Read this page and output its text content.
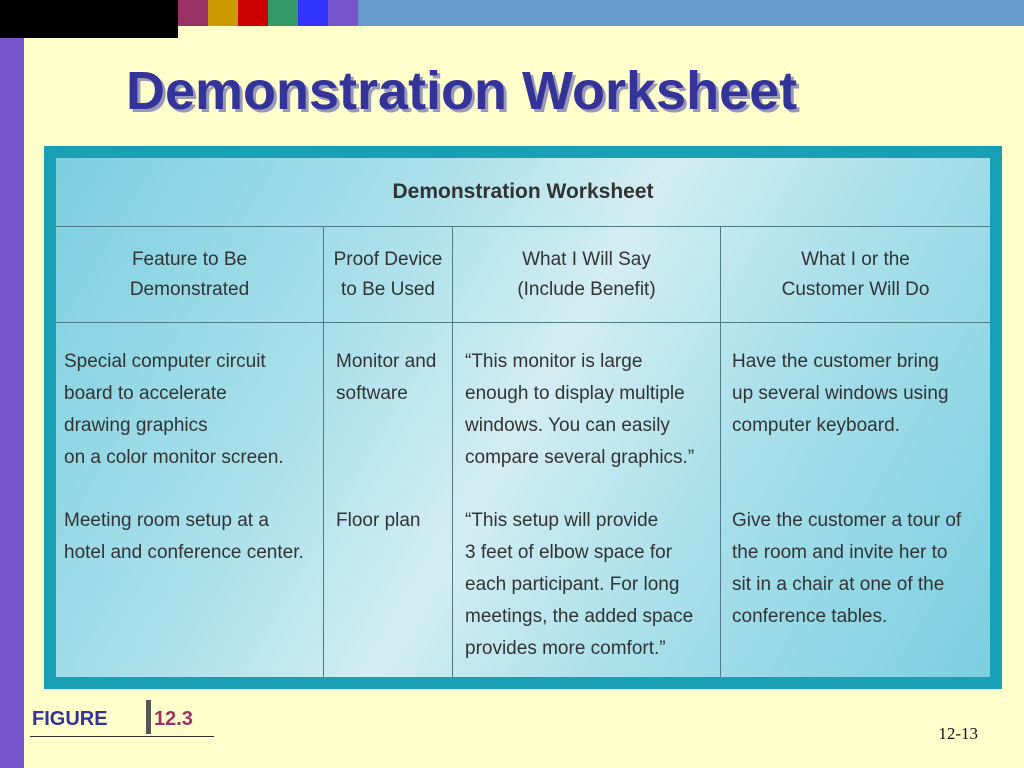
Demonstration Worksheet
Demonstration Worksheet
Feature to Be
Demonstrated
Proof Device
to Be Used
What I Will Say
(Include Benefit)
What I or the
Customer Will Do
Special computer circuit
board to accelerate
drawing graphics
on a color monitor screen.
Monitor and
software
“This monitor is large
enough to display multiple
windows. You can easily
compare several graphics.”
Have the customer bring
up several windows using
computer keyboard.
Meeting room setup at a
hotel and conference center.
Floor plan	“This setup will provide
3 feet of elbow space for
each participant. For long
meetings, the added space
provides more comfort.”
Give the customer a tour of
the room and invite her to
sit in a chair at one of the
conference tables.
FIGURE 12.3
12-13
